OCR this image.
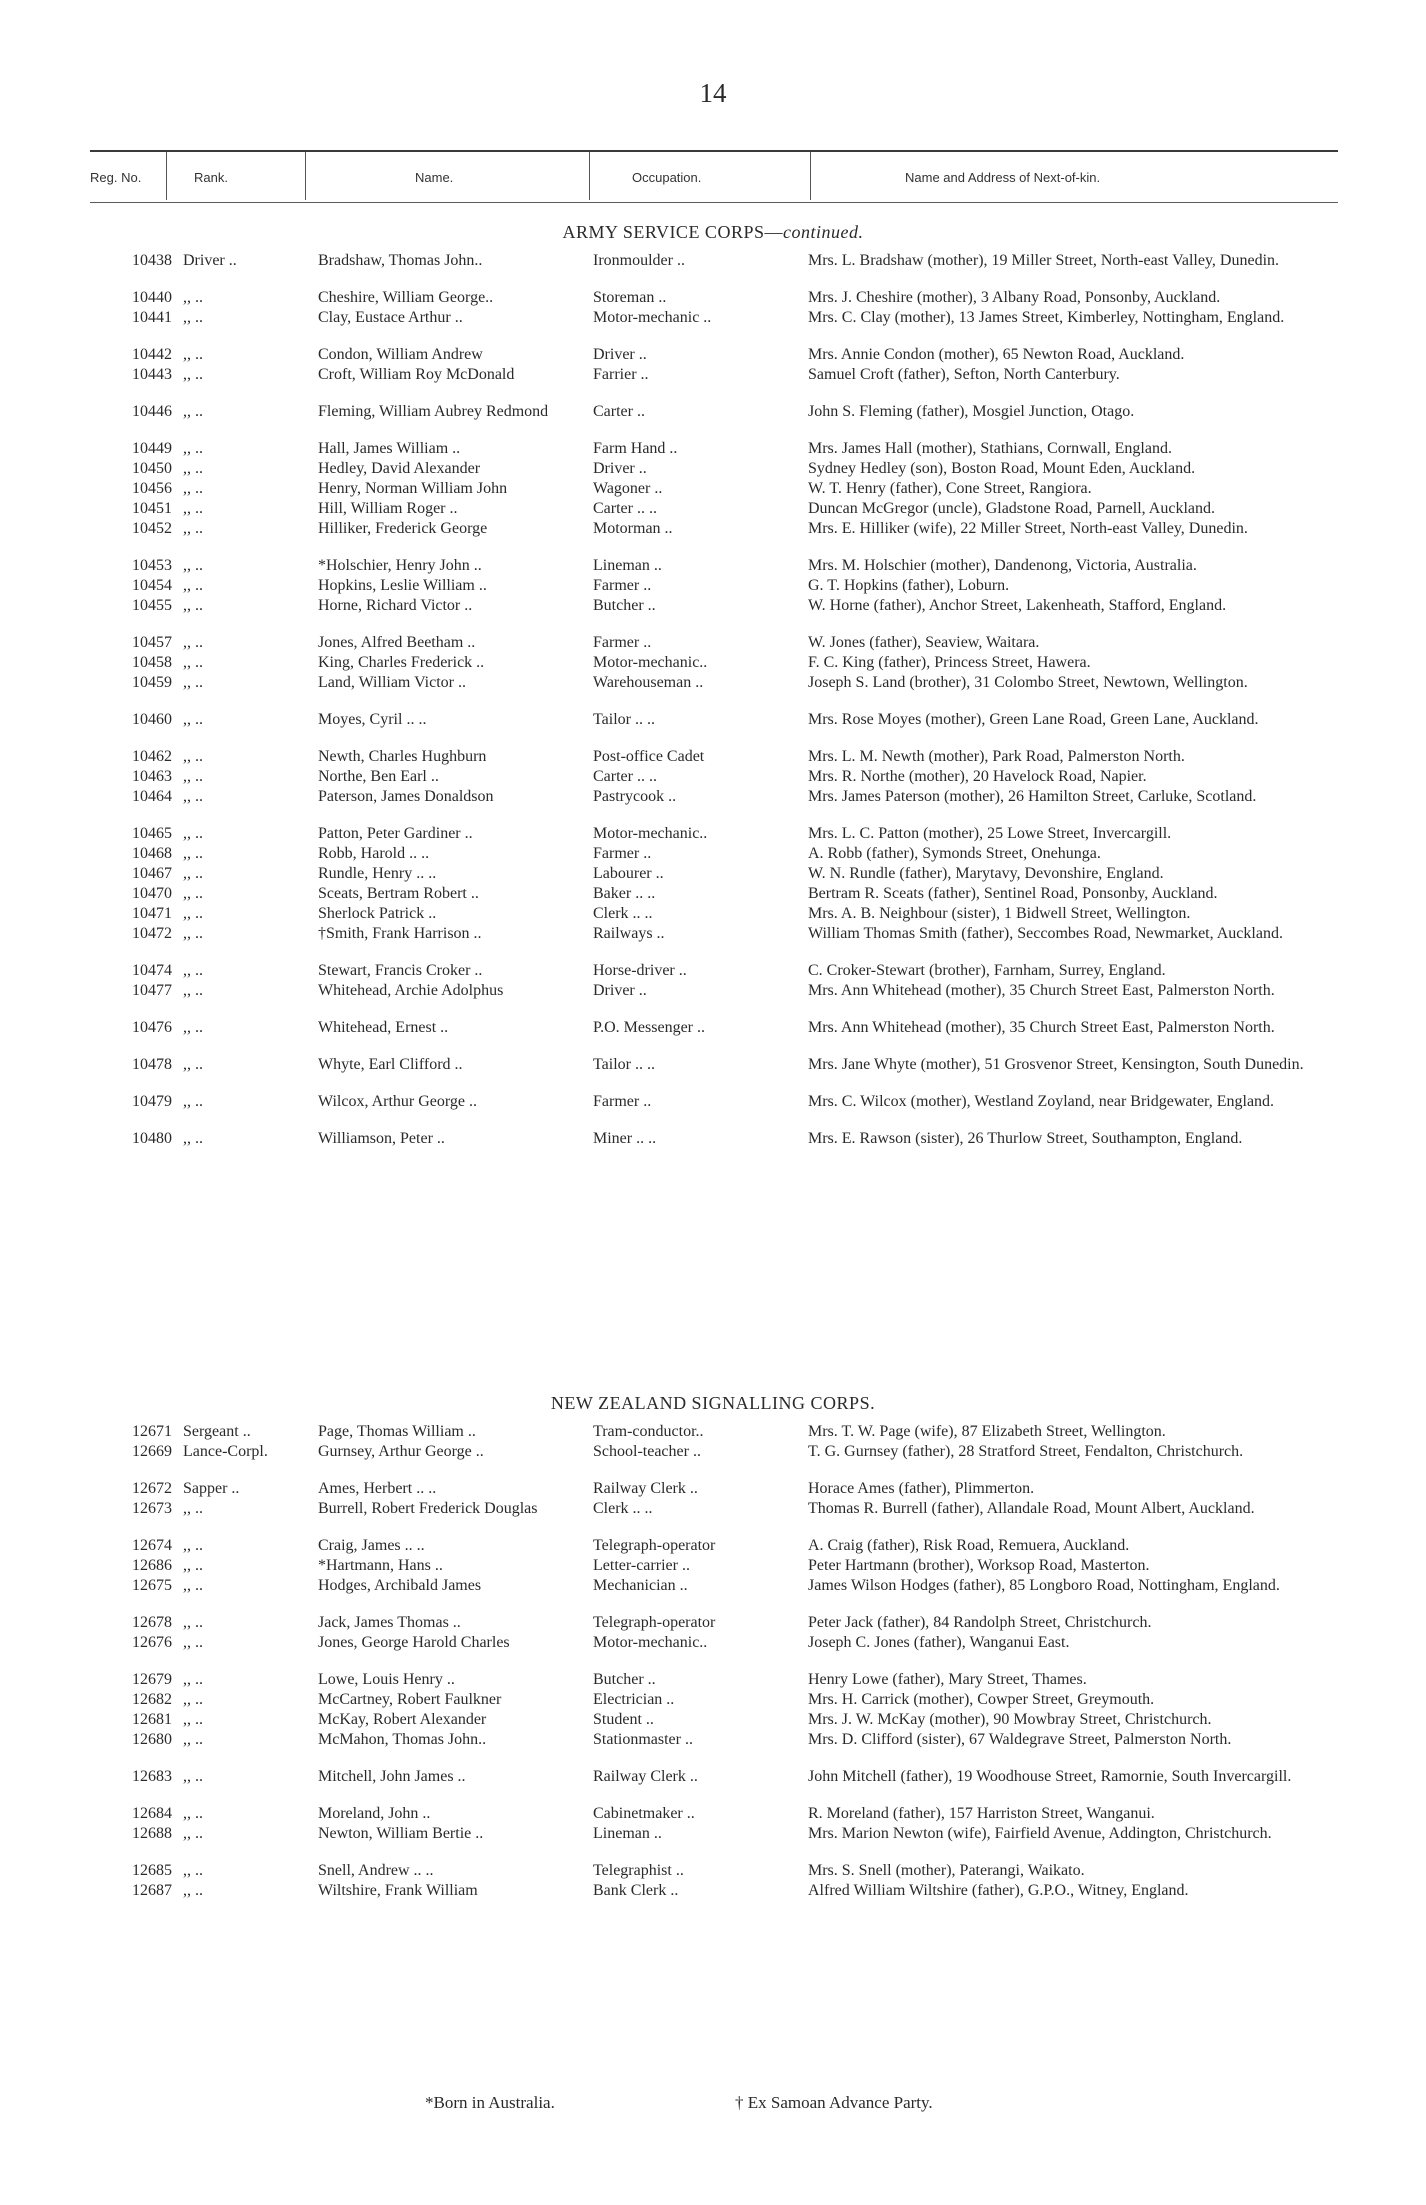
14
Reg. No.	Rank.	Name.	Occupation.	Name and Address of Next-of-kin.
ARMY SERVICE CORPS—continued.
10438 Driver ..	Bradshaw, Thomas John..	Ironmoulder ..	Mrs. L. Bradshaw (mother), 19 Miller Street, North-east Valley, Dunedin.
10440 ,, ..	Cheshire, William George..	Storeman ..	Mrs. J. Cheshire (mother), 3 Albany Road, Ponsonby, Auckland.
10441 ,, ..	Clay, Eustace Arthur ..	Motor-mechanic ..	Mrs. C. Clay (mother), 13 James Street, Kimberley, Nottingham, England.
10442 ,, ..	Condon, William Andrew	Driver ..	Mrs. Annie Condon (mother), 65 Newton Road, Auckland.
10443 ,, ..	Croft, William Roy McDonald	Farrier ..	Samuel Croft (father), Sefton, North Canterbury.
10446 ,, ..	Fleming, William Aubrey Redmond	Carter ..	John S. Fleming (father), Mosgiel Junction, Otago.
10449 ,, ..	Hall, James William ..	Farm Hand ..	Mrs. James Hall (mother), Stathians, Cornwall, England.
10450 ,, ..	Hedley, David Alexander	Driver ..	Sydney Hedley (son), Boston Road, Mount Eden, Auckland.
10456 ,, ..	Henry, Norman William John	Wagoner ..	W. T. Henry (father), Cone Street, Rangiora.
10451 ,, ..	Hill, William Roger ..	Carter .. ..	Duncan McGregor (uncle), Gladstone Road, Parnell, Auckland.
10452 ,, ..	Hilliker, Frederick George	Motorman ..	Mrs. E. Hilliker (wife), 22 Miller Street, North-east Valley, Dunedin.
10453 ,, ..	*Holschier, Henry John ..	Lineman ..	Mrs. M. Holschier (mother), Dandenong, Victoria, Australia.
10454 ,, ..	Hopkins, Leslie William ..	Farmer ..	G. T. Hopkins (father), Loburn.
10455 ,, ..	Horne, Richard Victor ..	Butcher ..	W. Horne (father), Anchor Street, Lakenheath, Stafford, England.
10457 ,, ..	Jones, Alfred Beetham ..	Farmer ..	W. Jones (father), Seaview, Waitara.
10458 ,, ..	King, Charles Frederick ..	Motor-mechanic..	F. C. King (father), Princess Street, Hawera.
10459 ,, ..	Land, William Victor ..	Warehouseman ..	Joseph S. Land (brother), 31 Colombo Street, Newtown, Wellington.
10460 ,, ..	Moyes, Cyril .. ..	Tailor .. ..	Mrs. Rose Moyes (mother), Green Lane Road, Green Lane, Auckland.
10462 ,, ..	Newth, Charles Hughburn	Post-office Cadet	Mrs. L. M. Newth (mother), Park Road, Palmerston North.
10463 ,, ..	Northe, Ben Earl ..	Carter .. ..	Mrs. R. Northe (mother), 20 Havelock Road, Napier.
10464 ,, ..	Paterson, James Donaldson	Pastrycook ..	Mrs. James Paterson (mother), 26 Hamilton Street, Carluke, Scotland.
10465 ,, ..	Patton, Peter Gardiner ..	Motor-mechanic..	Mrs. L. C. Patton (mother), 25 Lowe Street, Invercargill.
10468 ,, ..	Robb, Harold .. ..	Farmer ..	A. Robb (father), Symonds Street, Onehunga.
10467 ,, ..	Rundle, Henry .. ..	Labourer ..	W. N. Rundle (father), Marytavy, Devonshire, England.
10470 ,, ..	Sceats, Bertram Robert ..	Baker .. ..	Bertram R. Sceats (father), Sentinel Road, Ponsonby, Auckland.
10471 ,, ..	Sherlock Patrick ..	Clerk .. ..	Mrs. A. B. Neighbour (sister), 1 Bidwell Street, Wellington.
10472 ,, ..	†Smith, Frank Harrison ..	Railways ..	William Thomas Smith (father), Seccombes Road, Newmarket, Auckland.
10474 ,, ..	Stewart, Francis Croker ..	Horse-driver ..	C. Croker-Stewart (brother), Farnham, Surrey, England.
10477 ,, ..	Whitehead, Archie Adolphus	Driver ..	Mrs. Ann Whitehead (mother), 35 Church Street East, Palmerston North.
10476 ,, ..	Whitehead, Ernest ..	P.O. Messenger ..	Mrs. Ann Whitehead (mother), 35 Church Street East, Palmerston North.
10478 ,, ..	Whyte, Earl Clifford ..	Tailor .. ..	Mrs. Jane Whyte (mother), 51 Grosvenor Street, Kensington, South Dunedin.
10479 ,, ..	Wilcox, Arthur George ..	Farmer ..	Mrs. C. Wilcox (mother), Westland Zoyland, near Bridgewater, England.
10480 ,, ..	Williamson, Peter ..	Miner .. ..	Mrs. E. Rawson (sister), 26 Thurlow Street, Southampton, England.
NEW ZEALAND SIGNALLING CORPS.
12671 Sergeant ..	Page, Thomas William ..	Tram-conductor..	Mrs. T. W. Page (wife), 87 Elizabeth Street, Wellington.
12669 Lance-Corpl.	Gurnsey, Arthur George ..	School-teacher ..	T. G. Gurnsey (father), 28 Stratford Street, Fendalton, Christchurch.
12672 Sapper ..	Ames, Herbert .. ..	Railway Clerk ..	Horace Ames (father), Plimmerton.
12673 ,, ..	Burrell, Robert Frederick Douglas	Clerk .. ..	Thomas R. Burrell (father), Allandale Road, Mount Albert, Auckland.
12674 ,, ..	Craig, James .. ..	Telegraph-operator	A. Craig (father), Risk Road, Remuera, Auckland.
12686 ,, ..	*Hartmann, Hans ..	Letter-carrier ..	Peter Hartmann (brother), Worksop Road, Masterton.
12675 ,, ..	Hodges, Archibald James	Mechanician ..	James Wilson Hodges (father), 85 Longboro Road, Nottingham, England.
12678 ,, ..	Jack, James Thomas ..	Telegraph-operator	Peter Jack (father), 84 Randolph Street, Christchurch.
12676 ,, ..	Jones, George Harold Charles	Motor-mechanic..	Joseph C. Jones (father), Wanganui East.
12679 ,, ..	Lowe, Louis Henry ..	Butcher ..	Henry Lowe (father), Mary Street, Thames.
12682 ,, ..	McCartney, Robert Faulkner	Electrician ..	Mrs. H. Carrick (mother), Cowper Street, Greymouth.
12681 ,, ..	McKay, Robert Alexander	Student ..	Mrs. J. W. McKay (mother), 90 Mowbray Street, Christchurch.
12680 ,, ..	McMahon, Thomas John..	Stationmaster ..	Mrs. D. Clifford (sister), 67 Waldegrave Street, Palmerston North.
12683 ,, ..	Mitchell, John James ..	Railway Clerk ..	John Mitchell (father), 19 Woodhouse Street, Ramornie, South Invercargill.
12684 ,, ..	Moreland, John ..	Cabinetmaker ..	R. Moreland (father), 157 Harriston Street, Wanganui.
12688 ,, ..	Newton, William Bertie ..	Lineman ..	Mrs. Marion Newton (wife), Fairfield Avenue, Addington, Christchurch.
12685 ,, ..	Snell, Andrew .. ..	Telegraphist ..	Mrs. S. Snell (mother), Paterangi, Waikato.
12687 ,, ..	Wiltshire, Frank William	Bank Clerk ..	Alfred William Wiltshire (father), G.P.O., Witney, England.
*Born in Australia.	† Ex Samoan Advance Party.
